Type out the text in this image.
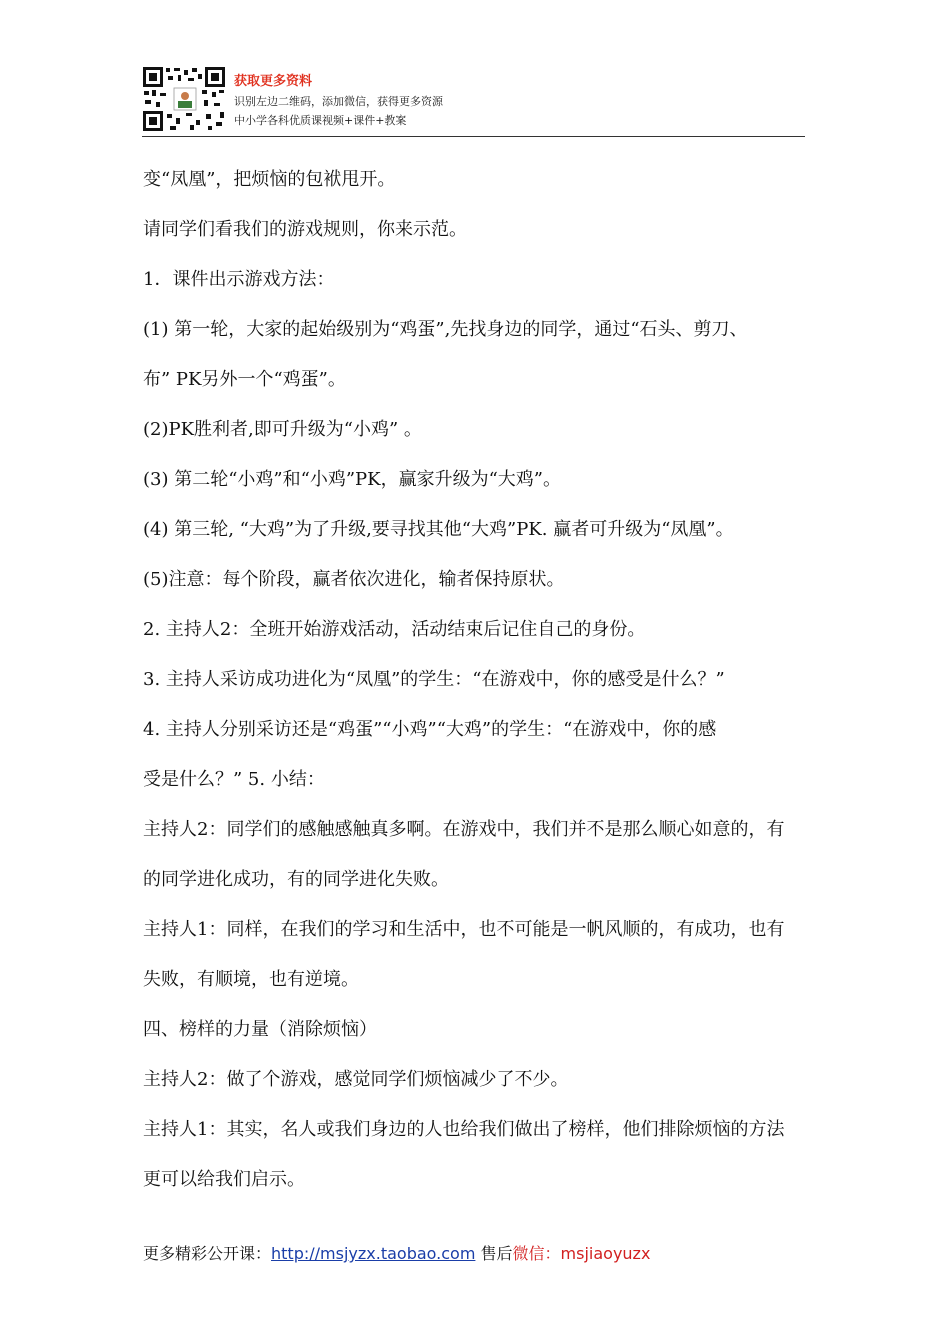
获取更多资料
识别左边二维码，添加微信，获得更多资源
中小学各科优质课视频+课件+教案
变“凤凰”，把烦恼的包袱甩开。
请同学们看我们的游戏规则，你来示范。
1．课件出示游戏方法：
(1) 第一轮，大家的起始级别为“鸡蛋”,先找身边的同学，通过“石头、剪刀、
布” PK另外一个“鸡蛋”。
(2)PK胜利者,即可升级为“小鸡” 。
(3) 第二轮“小鸡”和“小鸡”PK，赢家升级为“大鸡”。
(4) 第三轮, “大鸡”为了升级,要寻找其他“大鸡”PK. 赢者可升级为“凤凰”。
(5)注意：每个阶段，赢者依次进化，输者保持原状。
2. 主持人2：全班开始游戏活动，活动结束后记住自己的身份。
3. 主持人采访成功进化为“凤凰”的学生：“在游戏中，你的感受是什么？”
4. 主持人分别采访还是“鸡蛋”“小鸡”“大鸡”的学生：“在游戏中，你的感
受是什么？” 5. 小结：
主持人2：同学们的感触感触真多啊。在游戏中，我们并不是那么顺心如意的，有
的同学进化成功，有的同学进化失败。
主持人1：同样，在我们的学习和生活中，也不可能是一帆风顺的，有成功，也有
失败，有顺境，也有逆境。
四、榜样的力量（消除烦恼）
主持人2：做了个游戏，感觉同学们烦恼减少了不少。
主持人1：其实，名人或我们身边的人也给我们做出了榜样，他们排除烦恼的方法
更可以给我们启示。
更多精彩公开课：http://msjyzx.taobao.com 售后微信：msjiaoyuzx
